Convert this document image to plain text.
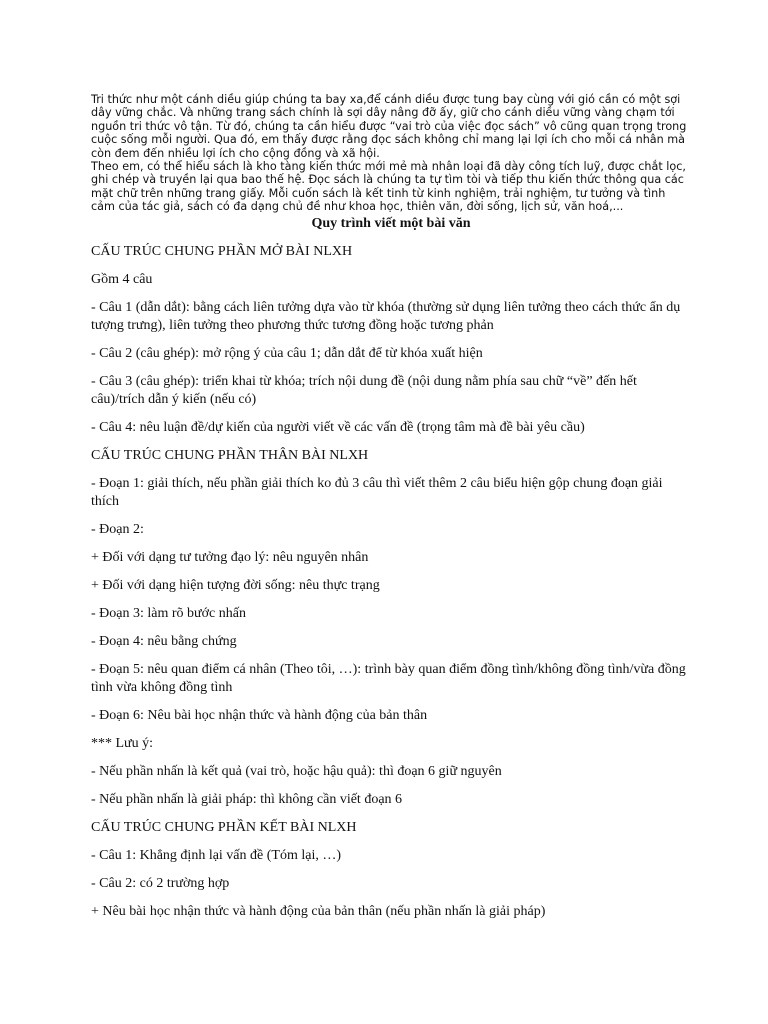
Tri thức như một cánh diều giúp chúng ta bay xa,để cánh diều được tung bay cùng với gió cần có một sợi dây vững chắc. Và những trang sách chính là sợi dây nâng đỡ ấy, giữ cho cánh diều vững vàng chạm tới nguồn tri thức vô tận. Từ đó, chúng ta cần hiểu được “vai trò của việc đọc sách” vô cũng quan trọng trong cuộc sống mỗi người. Qua đó, em thấy được rằng đọc sách không chỉ mang lại lợi ích cho mỗi cá nhân mà còn đem đến nhiều lợi ích cho cộng đồng và xã hội.

Theo em, có thể hiểu sách là kho tàng kiến thức mới mẻ mà nhân loại đã dày công tích luỹ, được chắt lọc, ghi chép và truyền lại qua bao thế hệ. Đọc sách là chúng ta tự tìm tòi và tiếp thu kiến thức thông qua các mặt chữ trên những trang giấy. Mỗi cuốn sách là kết tinh từ kinh nghiệm, trải nghiệm, tư tưởng và tình cảm của tác giả, sách có đa dạng chủ đề như khoa học, thiên văn, đời sống, lịch sử, văn hoá,...

Quy trình viết một bài văn

CẤU TRÚC CHUNG PHẦN MỞ BÀI NLXH

Gồm 4 câu

- Câu 1 (dẫn dắt): bằng cách liên tưởng dựa vào từ khóa (thường sử dụng liên tưởng theo cách thức ẩn dụ tượng trưng), liên tưởng theo phương thức tương đồng hoặc tương phản

- Câu 2 (câu ghép): mở rộng ý của câu 1; dẫn dắt để từ khóa xuất hiện

- Câu 3 (câu ghép): triển khai từ khóa; trích nội dung đề (nội dung nằm phía sau chữ “về” đến hết câu)/trích dẫn ý kiến (nếu có)

- Câu 4: nêu luận đề/dự kiến của người viết về các vấn đề (trọng tâm mà đề bài yêu cầu)

CẤU TRÚC CHUNG PHẦN THÂN BÀI NLXH

- Đoạn 1: giải thích, nếu phần giải thích ko đủ 3 câu thì viết thêm 2 câu biểu hiện gộp chung đoạn giải thích

- Đoạn 2:

+ Đối với dạng tư tưởng đạo lý: nêu nguyên nhân

+ Đối với dạng hiện tượng đời sống: nêu thực trạng

- Đoạn 3: làm rõ bước nhấn

- Đoạn 4: nêu bằng chứng

- Đoạn 5: nêu quan điểm cá nhân (Theo tôi, …): trình bày quan điểm đồng tình/không đồng tình/vừa đồng tình vừa không đồng tình

- Đoạn 6: Nêu bài học nhận thức và hành động của bản thân

*** Lưu ý:

- Nếu phần nhấn là kết quả (vai trò, hoặc hậu quả): thì đoạn 6 giữ nguyên

- Nếu phần nhấn là giải pháp: thì không cần viết đoạn 6

CẤU TRÚC CHUNG PHẦN KẾT BÀI NLXH

- Câu 1: Khẳng định lại vấn đề (Tóm lại, …)

- Câu 2: có 2 trường hợp

+ Nêu bài học nhận thức và hành động của bản thân (nếu phần nhấn là giải pháp)
